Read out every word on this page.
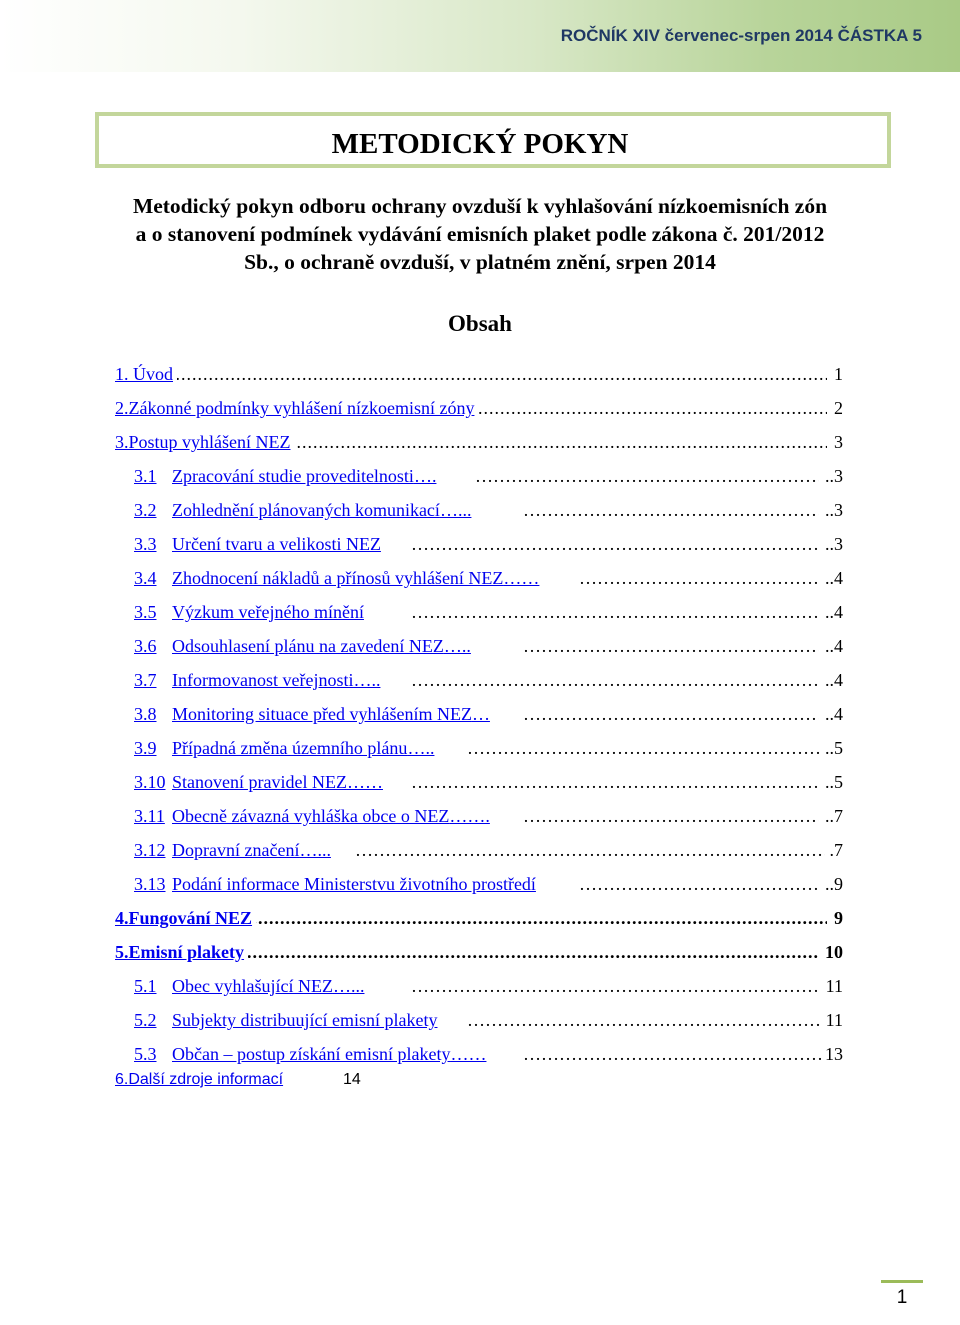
ROČNÍK XIV červenec-srpen 2014 ČÁSTKA 5
METODICKÝ POKYN
Metodický pokyn odboru ochrany ovzduší k vyhlašování nízkoemisních zón
a o stanovení podmínek vydávání emisních plaket podle zákona č. 201/2012
Sb., o ochraně ovzduší, v platném znění, srpen 2014
Obsah
.....
1. Úvod	1
.....
2.Zákonné podmínky vyhlášení nízkoemisní zóny	2
.....
3.Postup vyhlášení NEZ	3
3.1 Zpracování studie proveditelnosti…. ……………………………………………………………………………………………………………………………………	..3
3.2 Zohlednění plánovaných komunikací…... ……………………………………………………………………………………………………………………………………	..3
3.3 Určení tvaru a velikosti NEZ ……………………………………………………………………………………………………………………………………	..3
3.4 Zhodnocení nákladů a přínosů vyhlášení NEZ…… ……………………………………………………………………………………………………………………………………	..4
3.5 Výzkum veřejného mínění ……………………………………………………………………………………………………………………………………	..4
3.6 Odsouhlasení plánu na zavedení NEZ….. ……………………………………………………………………………………………………………………………………	..4
3.7 Informovanost veřejnosti….. ……………………………………………………………………………………………………………………………………	..4
3.8 Monitoring situace před vyhlášením NEZ… ……………………………………………………………………………………………………………………………………	..4
3.9 Případná změna územního plánu….. ……………………………………………………………………………………………………………………………………	..5
3.10 Stanovení pravidel NEZ…… ……………………………………………………………………………………………………………………………………	..5
3.11 Obecně závazná vyhláška obce o NEZ……. ……………………………………………………………………………………………………………………………………	..7
3.12 Dopravní značení…... ……………………………………………………………………………………………………………………………………	.7
3.13 Podání informace Ministerstvu životního prostředí ……………………………………………………………………………………………………………………………………	..9
.....
4.Fungování NEZ	9
.....
5.Emisní plakety	10
5.1 Obec vyhlašující NEZ…... ……………………………………………………………………………………………………………………………………	11
5.2 Subjekty distribuující emisní plakety ……………………………………………………………………………………………………………………………………	11
5.3 Občan – postup získání emisní plakety…… ……………………………………………………………………………………………………………………………………	13
6.Další zdroje informací	14
1
